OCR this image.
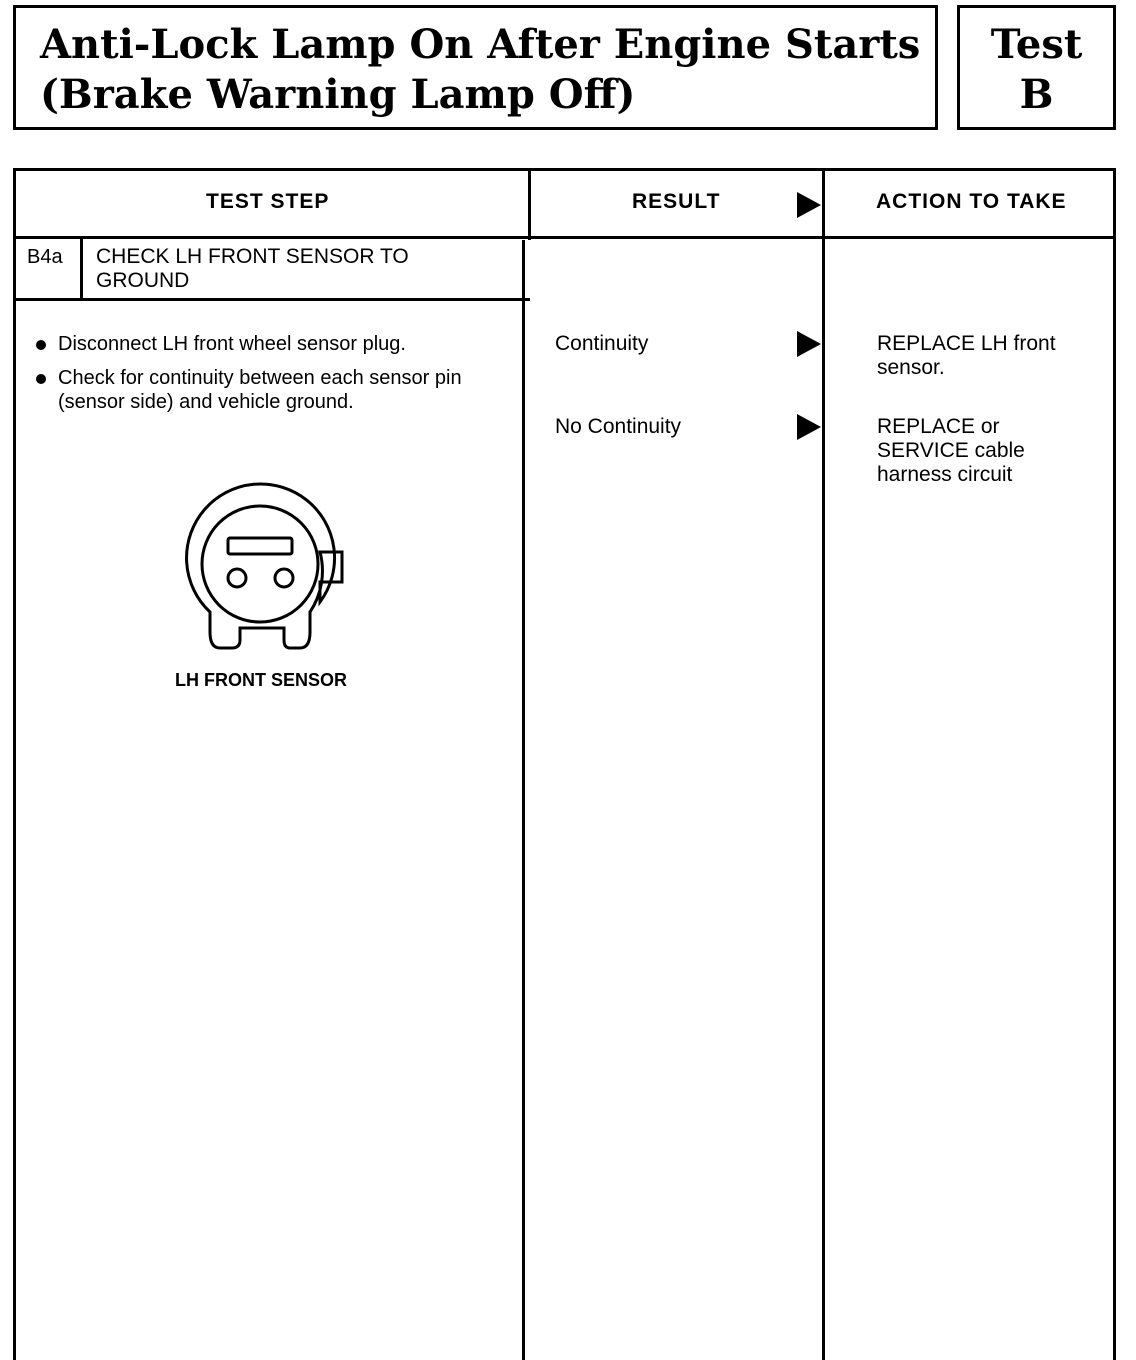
Anti-Lock Lamp On After Engine Starts
(Brake Warning Lamp Off)
Test
B
TEST STEP	RESULT	ACTION TO TAKE
B4a CHECK LH FRONT SENSOR TO
GROUND
Disconnect LH front wheel sensor plug.
Check for continuity between each sensor pin (sensor side) and vehicle ground.
LH FRONT SENSOR
Continuity	REPLACE LH front
sensor.
No Continuity	REPLACE or
SERVICE cable
harness circuit
